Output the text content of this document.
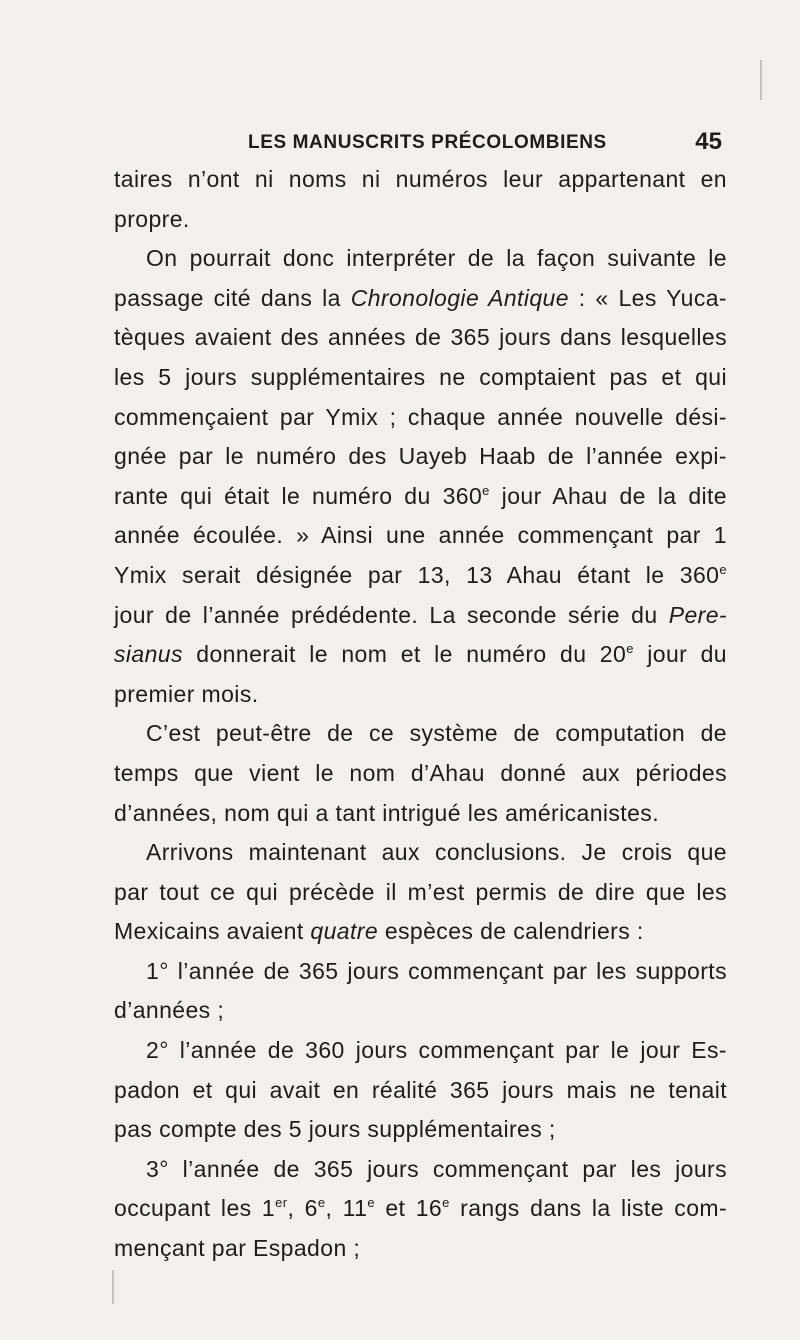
LES MANUSCRITS PRÉCOLOMBIENS	45

taires n’ont ni noms ni numéros leur appartenant en
propre.

On pourrait donc interpréter de la façon suivante le
passage cité dans la Chronologie Antique : « Les Yuca-
tèques avaient des années de 365 jours dans lesquelles
les 5 jours supplémentaires ne comptaient pas et qui
commençaient par Ymix ; chaque année nouvelle dési-
gnée par le numéro des Uayeb Haab de l’année expi-
rante qui était le numéro du 360e jour Ahau de la dite
année écoulée. » Ainsi une année commençant par 1
Ymix serait désignée par 13, 13 Ahau étant le 360e
jour de l’année prédédente. La seconde série du Pere-
sianus donnerait le nom et le numéro du 20e jour du
premier mois.

C’est peut-être de ce système de computation de
temps que vient le nom d’Ahau donné aux périodes
d’années, nom qui a tant intrigué les américanistes.

Arrivons maintenant aux conclusions. Je crois que
par tout ce qui précède il m’est permis de dire que les
Mexicains avaient quatre espèces de calendriers :

1° l’année de 365 jours commençant par les supports
d’années ;

2° l’année de 360 jours commençant par le jour Es-
padon et qui avait en réalité 365 jours mais ne tenait
pas compte des 5 jours supplémentaires ;

3° l’année de 365 jours commençant par les jours
occupant les 1er, 6e, 11e et 16e rangs dans la liste com-
mençant par Espadon ;
